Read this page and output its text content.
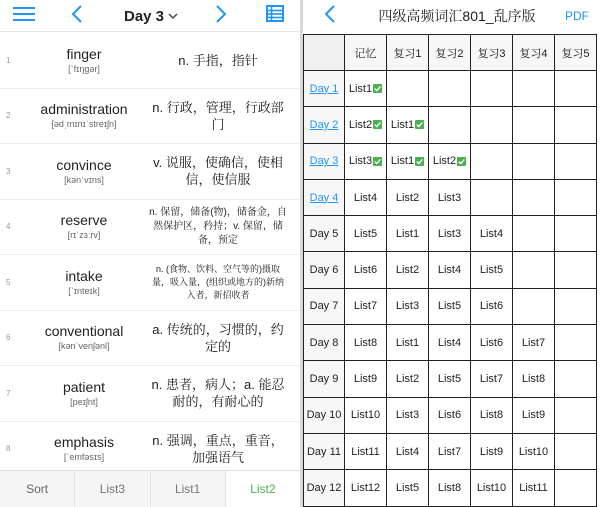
Day 3
1	finger
[ˈfɪŋɡər]
n. 手指，指针
2 administration
[ədˌmɪnɪˈstreɪʃn]
n. 行政，管理，行政部门
3	convince
[kənˈvɪns]
v. 说服，使确信，使相信，使信服
4	reserve
[rɪˈzɜːrv]
n. 保留，储备(物)，储备金，自然保护区，矜持；v. 保留，储备，预定
5	intake
[ˈɪnteɪk]
n. (食物、饮料、空气等的)摄取量，吸入量，(组织或地方的)新纳入者，新招收者
6 conventional
[kənˈvenʃənl]
a. 传统的，习惯的，约定的
7	patient
[peɪʃnt]
n. 患者，病人；a. 能忍耐的，有耐心的
8	emphasis
[ˈemfəsɪs]
n. 强调，重点，重音，加强语气
Sort	List3	List1	List2
四级高频词汇801_乱序版	PDF
	记忆	复习1	复习2	复习3	复习4	复习5
Day 1	List1					

Day 2	List2	List1				

Day 3	List3	List1	List2			

Day 4	List4	List2	List3			

Day 5	List5	List1	List3	List4		

Day 6	List6	List2	List4	List5		

Day 7	List7	List3	List5	List6		

Day 8	List8	List1	List4	List6	List7	

Day 9	List9	List2	List5	List7	List8	

Day 10	List10	List3	List6	List8	List9	

Day 11	List11	List4	List7	List9	List10	

Day 12	List12	List5	List8	List10	List11	
